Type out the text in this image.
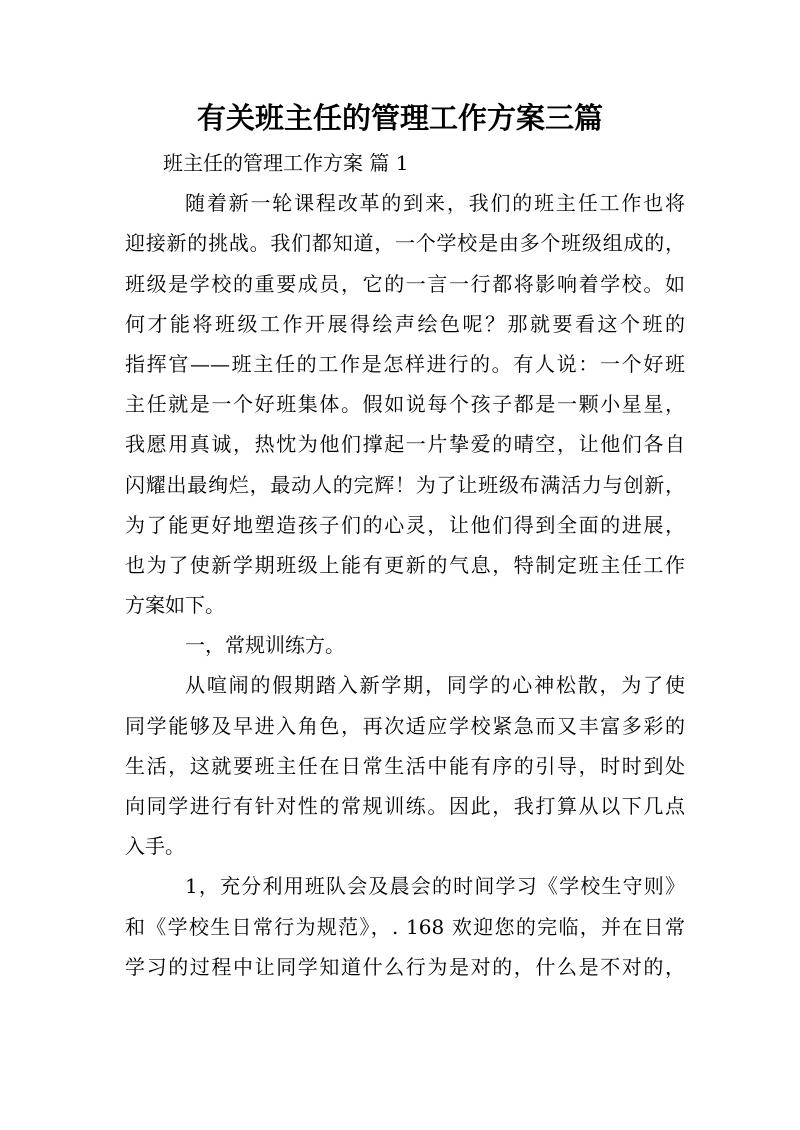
有关班主任的管理工作方案三篇
班主任的管理工作方案 篇 1
随着新一轮课程改革的到来，我们的班主任工作也将
迎接新的挑战。我们都知道，一个学校是由多个班级组成的，
班级是学校的重要成员，它的一言一行都将影响着学校。如
何才能将班级工作开展得绘声绘色呢？那就要看这个班的
指挥官——班主任的工作是怎样进行的。有人说：一个好班
主任就是一个好班集体。假如说每个孩子都是一颗小星星，
我愿用真诚，热忱为他们撑起一片挚爱的晴空，让他们各自
闪耀出最绚烂，最动人的完辉！为了让班级布满活力与创新，
为了能更好地塑造孩子们的心灵，让他们得到全面的进展，
也为了使新学期班级上能有更新的气息，特制定班主任工作
方案如下。
一，常规训练方。
从喧闹的假期踏入新学期，同学的心神松散，为了使
同学能够及早进入角色，再次适应学校紧急而又丰富多彩的
生活，这就要班主任在日常生活中能有序的引导，时时到处
向同学进行有针对性的常规训练。因此，我打算从以下几点
入手。
1，充分利用班队会及晨会的时间学习《学校生守则》
和《学校生日常行为规范》，. 168 欢迎您的完临，并在日常
学习的过程中让同学知道什么行为是对的，什么是不对的，
